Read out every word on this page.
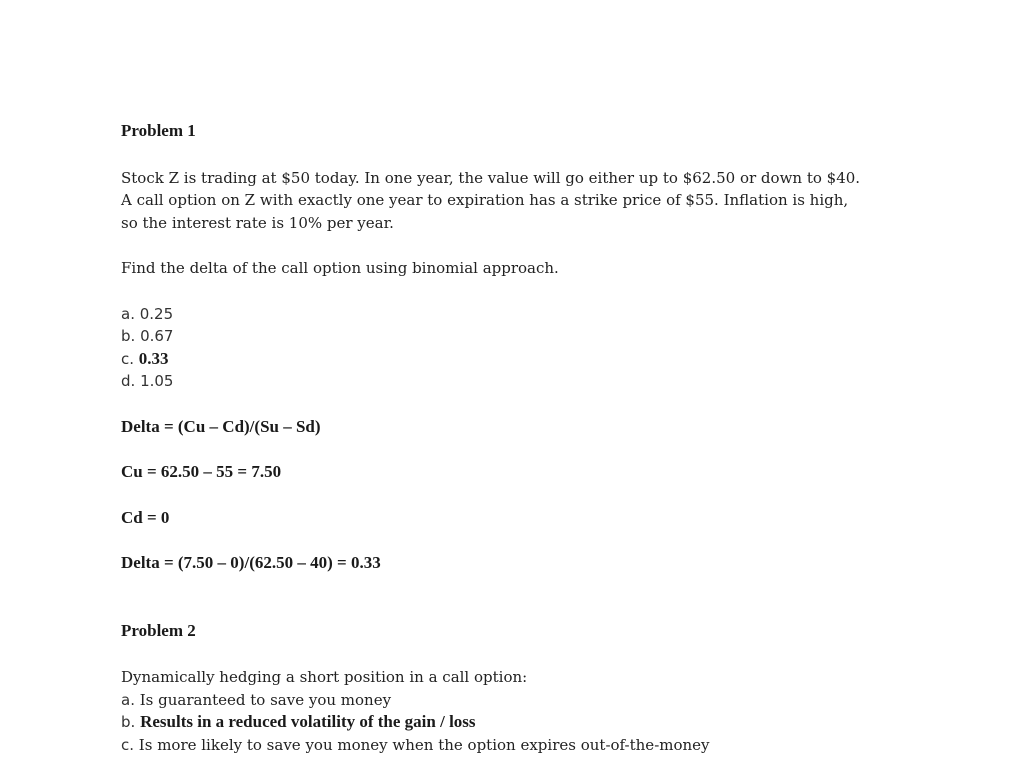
Problem 1
Stock Z is trading at $50 today. In one year, the value will go either up to $62.50 or down to $40.
A call option on Z with exactly one year to expiration has a strike price of $55. Inflation is high,
so the interest rate is 10% per year.
Find the delta of the call option using binomial approach.
a. 0.25
b. 0.67
c. 0.33
d. 1.05
Delta = (Cu – Cd)/(Su – Sd)
Cu = 62.50 – 55 = 7.50
Cd = 0
Delta = (7.50 – 0)/(62.50 – 40) = 0.33
Problem 2
Dynamically hedging a short position in a call option:
a. Is guaranteed to save you money
b. Results in a reduced volatility of the gain / loss
c. Is more likely to save you money when the option expires out-of-the-money
